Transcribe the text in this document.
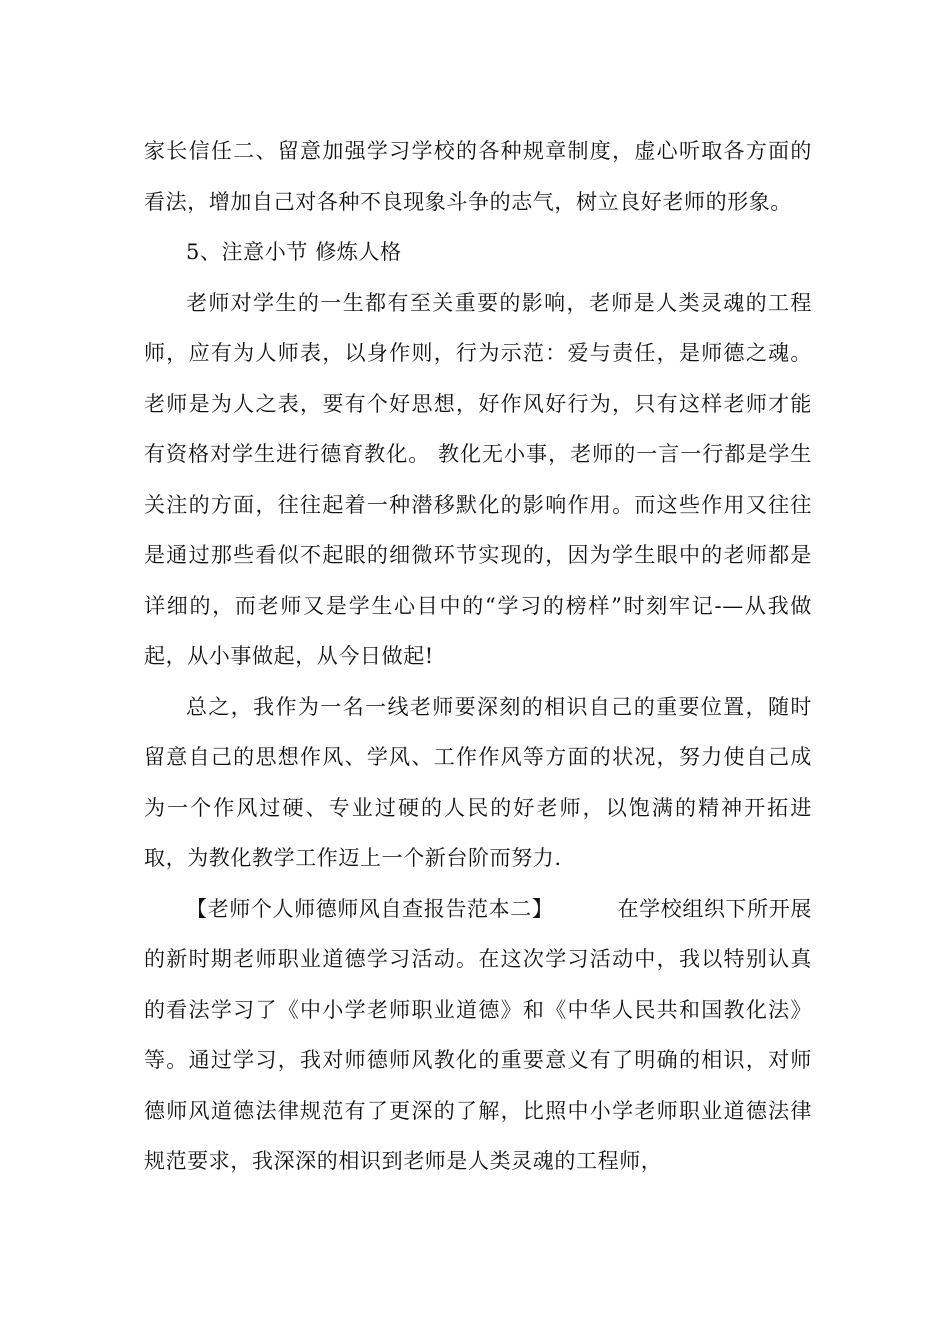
家长信任二、留意加强学习学校的各种规章制度，虚心听取各方面的看法，增加自己对各种不良现象斗争的志气，树立良好老师的形象。

5、注意小节 修炼人格

老师对学生的一生都有至关重要的影响，老师是人类灵魂的工程师，应有为人师表，以身作则，行为示范：爱与责任，是师德之魂。老师是为人之表，要有个好思想，好作风好行为，只有这样老师才能有资格对学生进行德育教化。 教化无小事，老师的一言一行都是学生关注的方面，往往起着一种潜移默化的影响作用。而这些作用又往往是通过那些看似不起眼的细微环节实现的，因为学生眼中的老师都是详细的，而老师又是学生心目中的“学习的榜样”时刻牢记-—从我做起，从小事做起，从今日做起!

总之，我作为一名一线老师要深刻的相识自己的重要位置，随时留意自己的思想作风、学风、工作作风等方面的状况，努力使自己成为一个作风过硬、专业过硬的人民的好老师，以饱满的精神开拓进取，为教化教学工作迈上一个新台阶而努力.

【老师个人师德师风自查报告范本二】	在学校组织下所开展的新时期老师职业道德学习活动。在这次学习活动中，我以特别认真的看法学习了《中小学老师职业道德》和《中华人民共和国教化法》等。通过学习，我对师德师风教化的重要意义有了明确的相识，对师德师风道德法律规范有了更深的了解，比照中小学老师职业道德法律规范要求，我深深的相识到老师是人类灵魂的工程师，
